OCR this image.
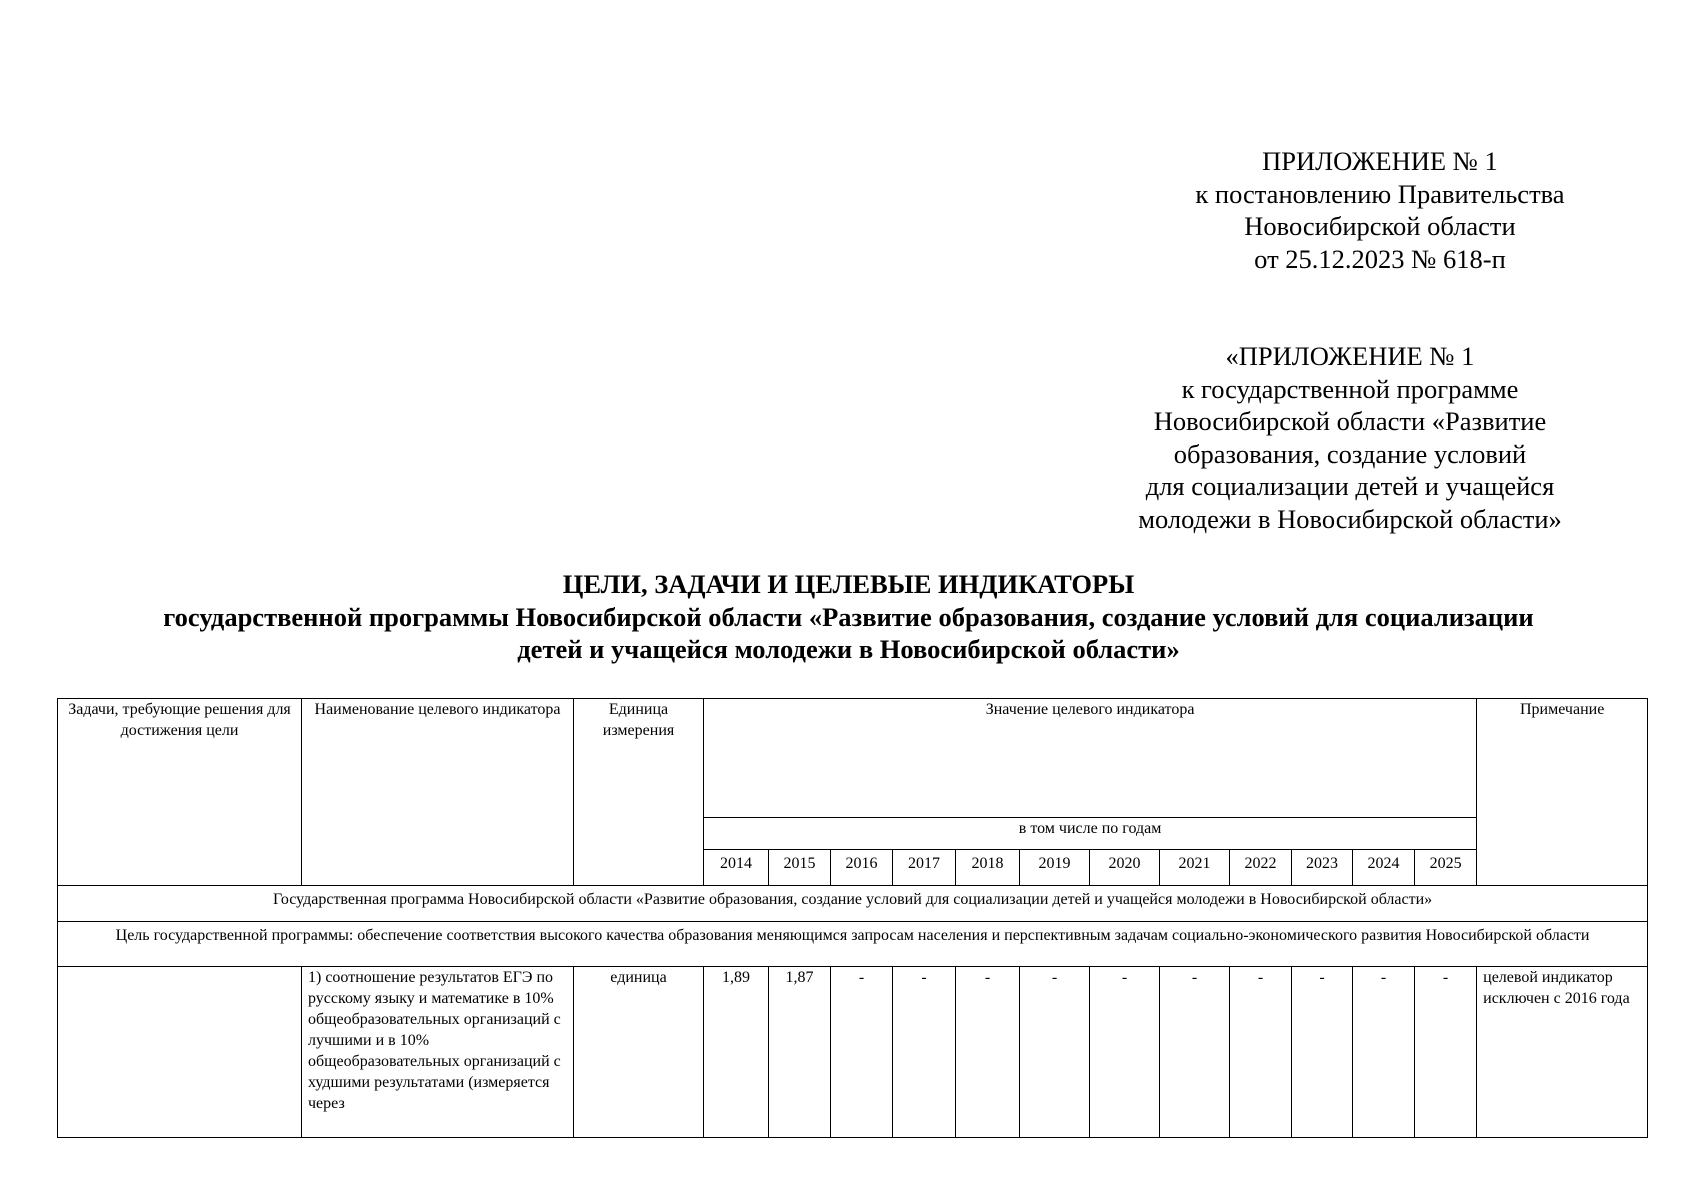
ПРИЛОЖЕНИЕ № 1
к постановлению Правительства
Новосибирской области
от 25.12.2023 № 618-п
«ПРИЛОЖЕНИЕ № 1
к государственной программе
Новосибирской области «Развитие
образования, создание условий
для социализации детей и учащейся
молодежи в Новосибирской области»
ЦЕЛИ, ЗАДАЧИ И ЦЕЛЕВЫЕ ИНДИКАТОРЫ
государственной программы Новосибирской области «Развитие образования, создание условий для социализации
детей и учащейся молодежи в Новосибирской области»
Задачи, требующие решения для достижения цели	Наименование целевого индикатора	Единица измерения	Значение целевого индикатора												Примечание
			в том числе по годам												
			2014	2015	2016	2017	2018	2019	2020	2021	2022	2023	2024	2025	
Государственная программа Новосибирской области «Развитие образования, создание условий для социализации детей и учащейся молодежи в Новосибирской области»															
Цель государственной программы: обеспечение соответствия высокого качества образования меняющимся запросам населения и перспективным задачам социально-экономического развития Новосибирской области															
	1) соотношение результатов ЕГЭ по русскому языку и математике в 10% общеобразовательных организаций с лучшими и в 10% общеобразовательных организаций с худшими результатами (измеряется через	единица	1,89	1,87	-	-	-	-	-	-	-	-	-	-	целевой индикатор исключен с 2016 года
